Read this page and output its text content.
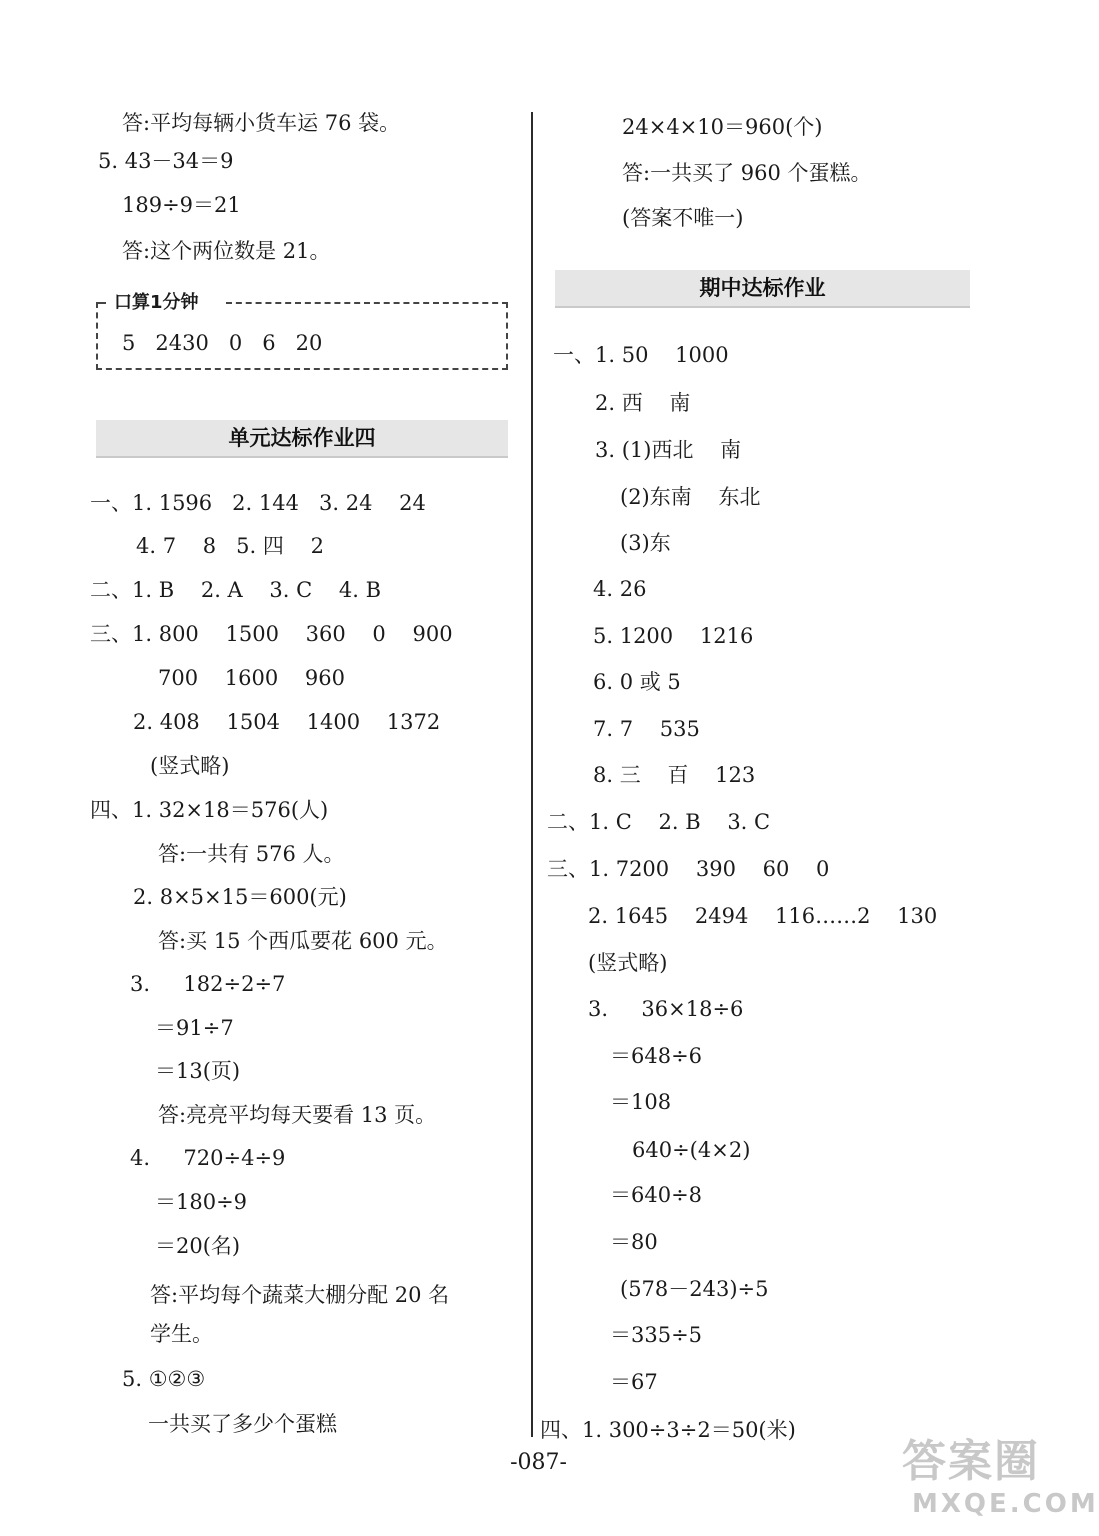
答:平均每辆小货车运 76 袋。
5. 43－34＝9
189÷9＝21
答:这个两位数是 21。
口算1分钟
5   2430   0   6   20
单元达标作业四
一、1. 1596   2. 144   3. 24    24
4. 7    8   5. 四    2
二、1. B    2. A    3. C    4. B
三、1. 800    1500    360    0    900
700    1600    960
2. 408    1504    1400    1372
(竖式略)
四、1. 32×18＝576(人)
答:一共有 576 人。
2. 8×5×15＝600(元)
答:买 15 个西瓜要花 600 元。
3.     182÷2÷7
＝91÷7
＝13(页)
答:亮亮平均每天要看 13 页。
4.     720÷4÷9
＝180÷9
＝20(名)
答:平均每个蔬菜大棚分配 20 名
学生。
5. ①②③
一共买了多少个蛋糕
24×4×10＝960(个)
答:一共买了 960 个蛋糕。
(答案不唯一)
期中达标作业
一、1. 50    1000
2. 西    南
3. (1)西北    南
(2)东南    东北
(3)东
4. 26
5. 1200    1216
6. 0 或 5
7. 7    535
8. 三    百    123
二、1. C    2. B    3. C
三、1. 7200    390    60    0
2. 1645    2494    116……2    130
(竖式略)
3.     36×18÷6
＝648÷6
＝108
640÷(4×2)
＝640÷8
＝80
(578－243)÷5
＝335÷5
＝67
四、1. 300÷3÷2＝50(米)
-087-	答案圈
MXQE.COM
